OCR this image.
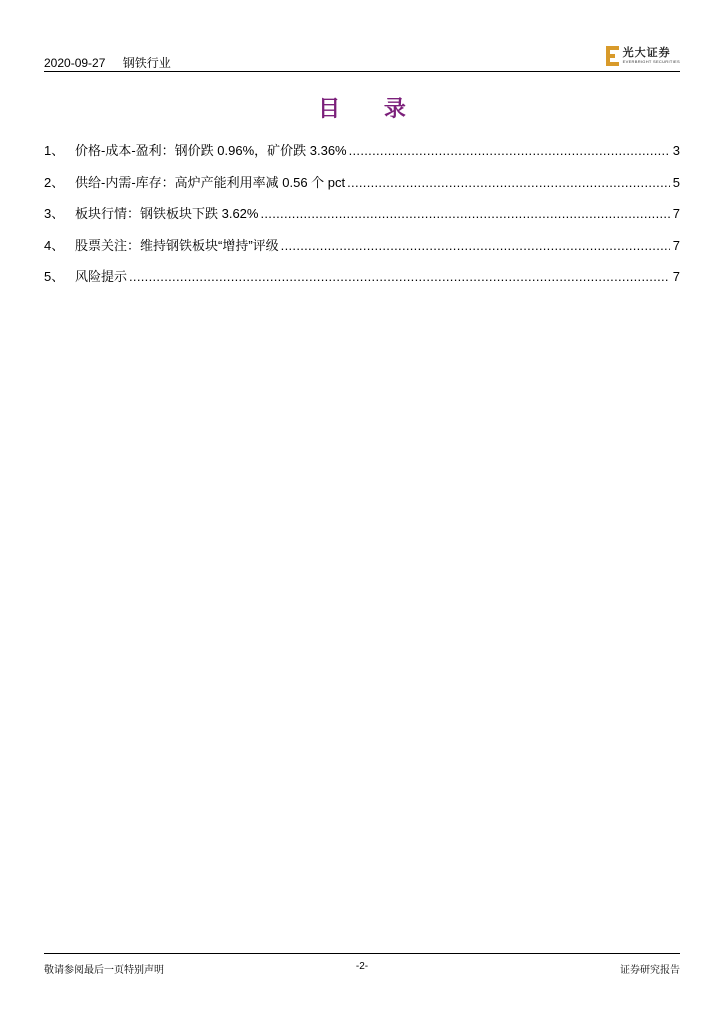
2020-09-27 钢铁行业
光大证券
EVERBRIGHT SECURITIES
目 录
1、 价格-成本-盈利：钢价跌 0.96%，矿价跌 3.36% .....	3
2、 供给-内需-库存：高炉产能利用率减 0.56 个 pct .....	5
3、 板块行情：钢铁板块下跌 3.62% .....	7
4、 股票关注：维持钢铁板块“增持”评级 .....	7
5、 风险提示 .....	7
敬请参阅最后一页特别声明	-2-	证券研究报告
